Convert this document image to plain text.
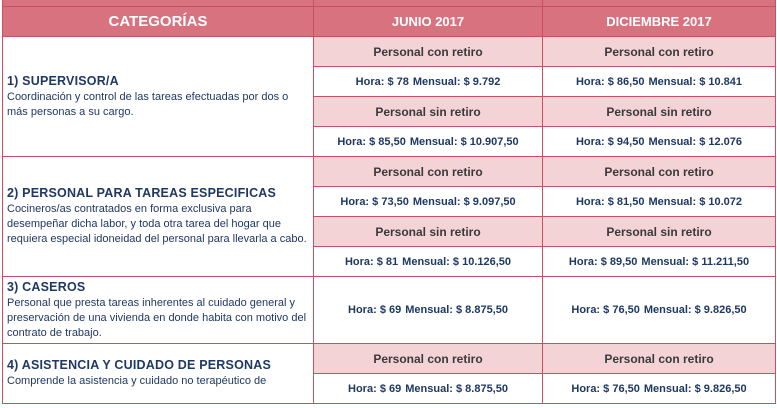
CATEGORÍAS	JUNIO 2017	DICIEMBRE 2017

1) SUPERVISOR/A
Coordinación y control de las tareas efectuadas por dos o más personas a su cargo.	Personal con retiro	Personal con retiro
	Hora: $ 78 Mensual: $ 9.792	Hora: $ 86,50 Mensual: $ 10.841
	Personal sin retiro	Personal sin retiro
	Hora: $ 85,50 Mensual: $ 10.907,50	Hora: $ 94,50 Mensual: $ 12.076

2) PERSONAL PARA TAREAS ESPECIFICAS
Cocineros/as contratados en forma exclusiva para desempeñar dicha labor, y toda otra tarea del hogar que requiera especial idoneidad del personal para llevarla a cabo.	Personal con retiro	Personal con retiro
	Hora: $ 73,50 Mensual: $ 9.097,50	Hora: $ 81,50 Mensual: $ 10.072
	Personal sin retiro	Personal sin retiro
	Hora: $ 81 Mensual: $ 10.126,50	Hora: $ 89,50 Mensual: $ 11.211,50

3) CASEROS
Personal que presta tareas inherentes al cuidado general y preservación de una vivienda en donde habita con motivo del contrato de trabajo.	Hora: $ 69 Mensual: $ 8.875,50	Hora: $ 76,50 Mensual: $ 9.826,50

4) ASISTENCIA Y CUIDADO DE PERSONAS
Comprende la asistencia y cuidado no terapéutico de	Personal con retiro	Personal con retiro
	Hora: $ 69 Mensual: $ 8.875,50	Hora: $ 76,50 Mensual: $ 9.826,50
